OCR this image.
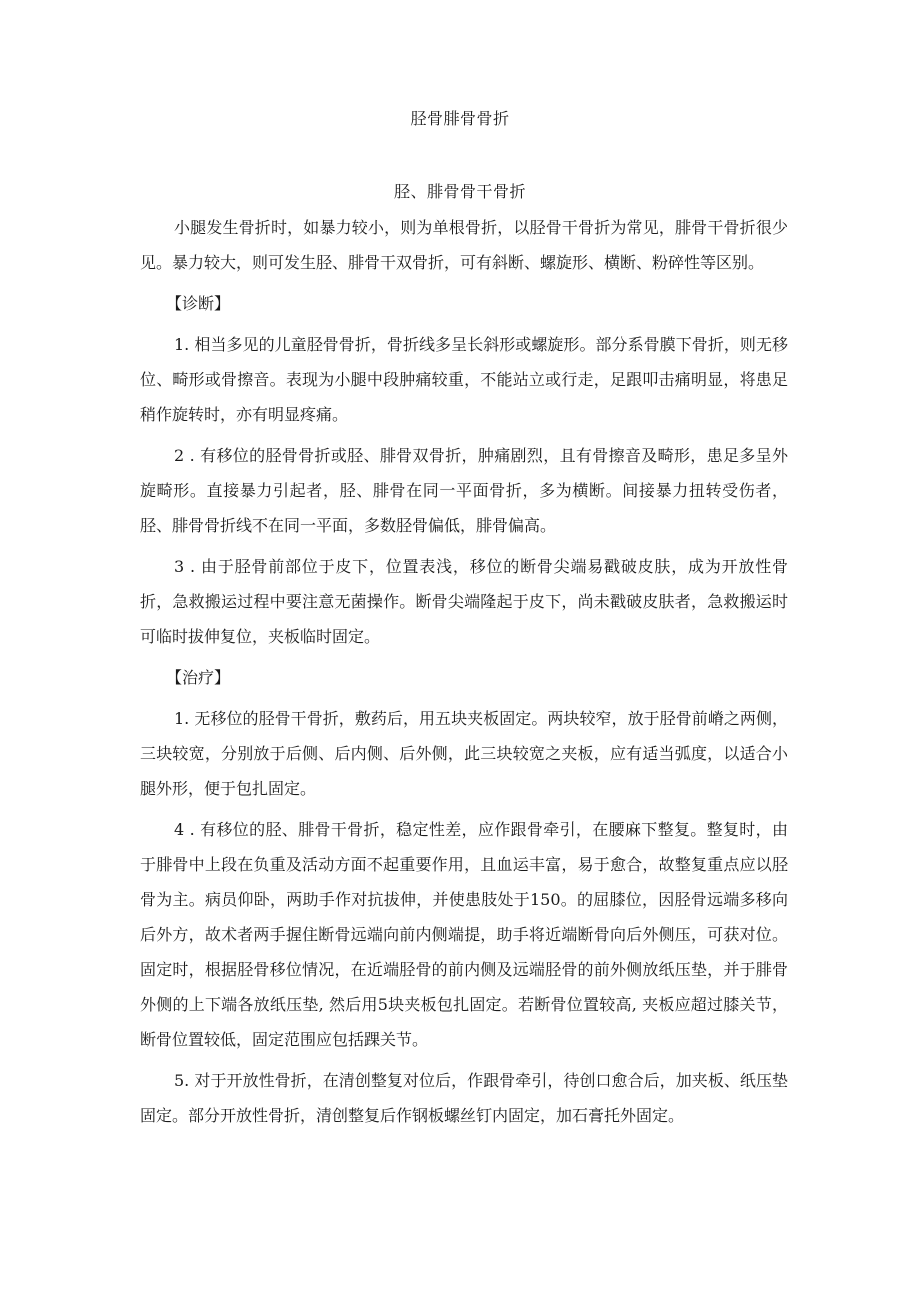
胫骨腓骨骨折
胫、腓骨骨干骨折

小腿发生骨折时，如暴力较小，则为单根骨折，以胫骨干骨折为常见，腓骨干骨折很少见。暴力较大，则可发生胫、腓骨干双骨折，可有斜断、螺旋形、横断、粉碎性等区别。

【诊断】

1. 相当多见的儿童胫骨骨折，骨折线多呈长斜形或螺旋形。部分系骨膜下骨折，则无移位、畸形或骨擦音。表现为小腿中段肿痛较重，不能站立或行走，足跟叩击痛明显，将患足稍作旋转时，亦有明显疼痛。

2 . 有移位的胫骨骨折或胫、腓骨双骨折，肿痛剧烈，且有骨擦音及畸形，患足多呈外旋畸形。直接暴力引起者，胫、腓骨在同一平面骨折，多为横断。间接暴力扭转受伤者，胫、腓骨骨折线不在同一平面，多数胫骨偏低，腓骨偏高。

3 . 由于胫骨前部位于皮下，位置表浅，移位的断骨尖端易戳破皮肤，成为开放性骨折，急救搬运过程中要注意无菌操作。断骨尖端隆起于皮下，尚未戳破皮肤者，急救搬运时可临时拔伸复位，夹板临时固定。

【治疗】

1. 无移位的胫骨干骨折，敷药后，用五块夹板固定。两块较窄，放于胫骨前嵴之两侧，三块较宽，分别放于后侧、后内侧、后外侧，此三块较宽之夹板，应有适当弧度，以适合小腿外形，便于包扎固定。

4 . 有移位的胫、腓骨干骨折，稳定性差，应作跟骨牵引，在腰麻下整复。整复时，由于腓骨中上段在负重及活动方面不起重要作用，且血运丰富，易于愈合，故整复重点应以胫骨为主。病员仰卧，两助手作对抗拔伸，并使患肢处于150。的屈膝位，因胫骨远端多移向后外方，故术者两手握住断骨远端向前内侧端提，助手将近端断骨向后外侧压，可获对位。固定时，根据胫骨移位情况，在近端胫骨的前内侧及远端胫骨的前外侧放纸压垫，并于腓骨外侧的上下端各放纸压垫, 然后用5块夹板包扎固定。若断骨位置较高, 夹板应超过膝关节，断骨位置较低，固定范围应包括踝关节。

5. 对于开放性骨折，在清创整复对位后，作跟骨牵引，待创口愈合后，加夹板、纸压垫固定。部分开放性骨折，清创整复后作钢板螺丝钉内固定，加石膏托外固定。
